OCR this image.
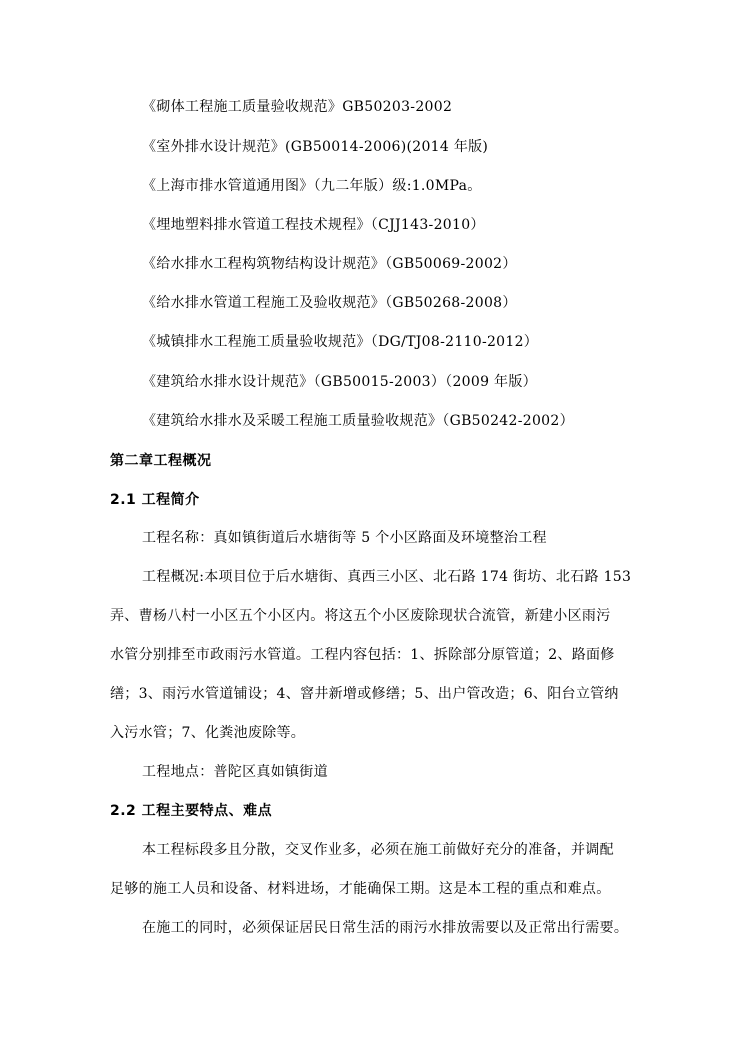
《砌体工程施工质量验收规范》GB50203-2002
《室外排水设计规范》(GB50014-2006)(2014 年版)
《上海市排水管道通用图》（九二年版）级:1.0MPa。
《埋地塑料排水管道工程技术规程》（CJJ143-2010）
《给水排水工程构筑物结构设计规范》（GB50069-2002）
《给水排水管道工程施工及验收规范》（GB50268-2008）
《城镇排水工程施工质量验收规范》（DG/TJ08-2110-2012）
《建筑给水排水设计规范》（GB50015-2003）（2009 年版）
《建筑给水排水及采暖工程施工质量验收规范》（GB50242-2002）
第二章工程概况
2.1 工程简介
工程名称：真如镇街道后水塘街等 5 个小区路面及环境整治工程
工程概况:本项目位于后水塘街、真西三小区、北石路 174 街坊、北石路 153
弄、曹杨八村一小区五个小区内。将这五个小区废除现状合流管，新建小区雨污
水管分别排至市政雨污水管道。工程内容包括：1、拆除部分原管道；2、路面修
缮；3、雨污水管道铺设；4、窨井新增或修缮；5、出户管改造；6、阳台立管纳
入污水管；7、化粪池废除等。
工程地点：普陀区真如镇街道
2.2 工程主要特点、难点
本工程标段多且分散，交叉作业多，必须在施工前做好充分的准备，并调配
足够的施工人员和设备、材料进场，才能确保工期。这是本工程的重点和难点。
在施工的同时，必须保证居民日常生活的雨污水排放需要以及正常出行需要。
